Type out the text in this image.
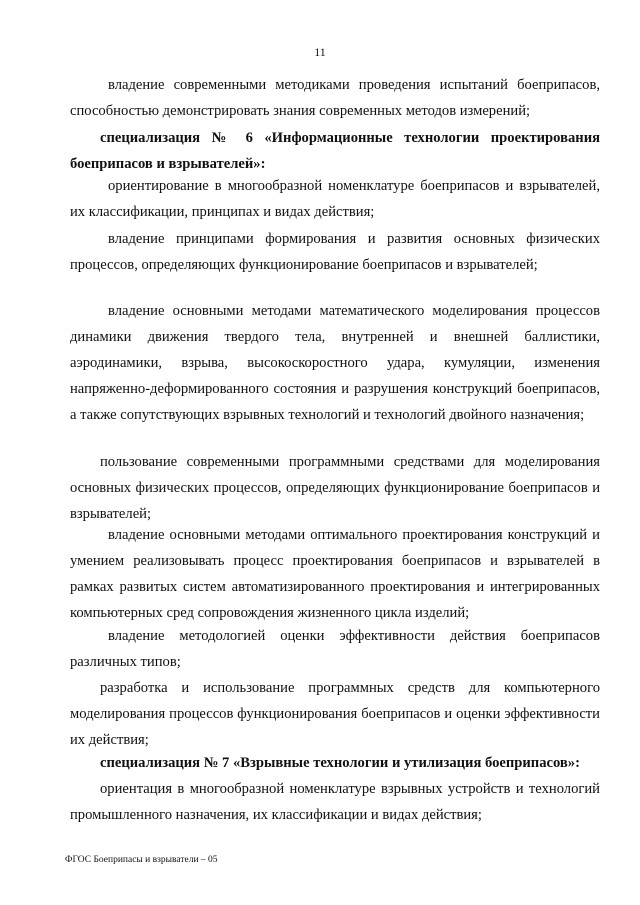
11
владение современными методиками проведения испытаний боеприпасов, способностью демонстрировать знания современных методов измерений;
специализация № 6 «Информационные технологии проектирования боеприпасов и взрывателей»:
ориентирование в многообразной номенклатуре боеприпасов и взрывателей, их классификации, принципах и видах действия;
владение принципами формирования и развития основных физических процессов, определяющих функционирование боеприпасов и взрывателей;
владение основными методами математического моделирования процессов динамики движения твердого тела, внутренней и внешней баллистики, аэродинамики, взрыва, высокоскоростного удара, кумуляции, изменения напряженно-деформированного состояния и разрушения конструкций боеприпасов, а также сопутствующих взрывных технологий и технологий двойного назначения;
пользование современными программными средствами для моделирования основных физических процессов, определяющих функционирование боеприпасов и взрывателей;
владение основными методами оптимального проектирования конструкций и умением реализовывать процесс проектирования боеприпасов и взрывателей в рамках развитых систем автоматизированного проектирования и интегрированных компьютерных сред сопровождения жизненного цикла изделий;
владение методологией оценки эффективности действия боеприпасов различных типов;
разработка и использование программных средств для компьютерного моделирования процессов функционирования боеприпасов и оценки эффективности их действия;
специализация № 7 «Взрывные технологии и утилизация боеприпасов»:
ориентация в многообразной номенклатуре взрывных устройств и технологий промышленного назначения, их классификации и видах действия;
ФГОС Боеприпасы и взрыватели – 05
